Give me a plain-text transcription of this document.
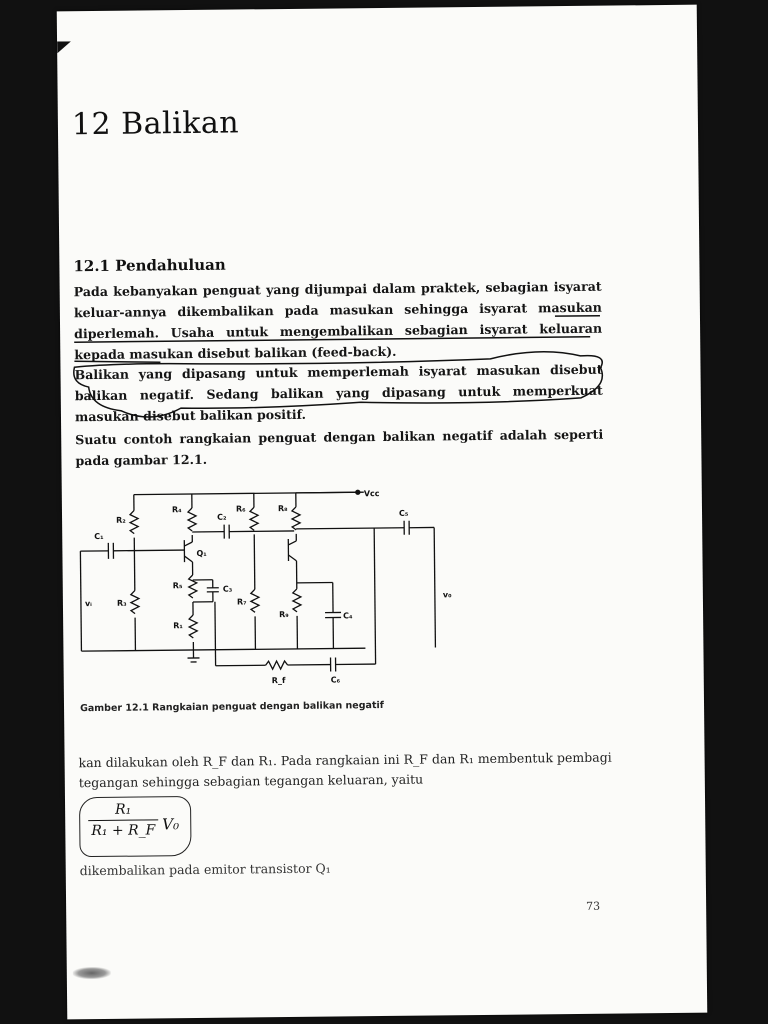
12 Balikan
12.1 Pendahuluan
Pada kebanyakan penguat yang dijumpai dalam praktek, sebagian isyarat keluar-annya dikembalikan pada masukan sehingga isyarat masukan diperlemah. Usaha untuk mengembalikan sebagian isyarat keluaran kepada masukan disebut balikan (feed-back).
Balikan yang dipasang untuk memperlemah isyarat masukan disebut balikan negatif. Sedang balikan yang dipasang untuk memperkuat masukan disebut balikan positif.
Suatu contoh rangkaian penguat dengan balikan negatif adalah seperti pada gambar 12.1.
Vcc
C₁
R₂
R₃
R₄
C₂
Q₁
R₅
R₁
C₃
R₆
R₇
R₈
R₉	C₄
C₅
R_f	C₆
vᵢ
v₀
Gamber 12.1 Rangkaian penguat dengan balikan negatif
kan dilakukan oleh R_F dan R₁. Pada rangkaian ini R_F dan R₁ membentuk pembagi tegangan sehingga sebagian tegangan keluaran, yaitu
$\frac{\text{R₁}}{\text{R₁ + R\_F}} V_0$
dikembalikan pada emitor transistor Q₁
73
